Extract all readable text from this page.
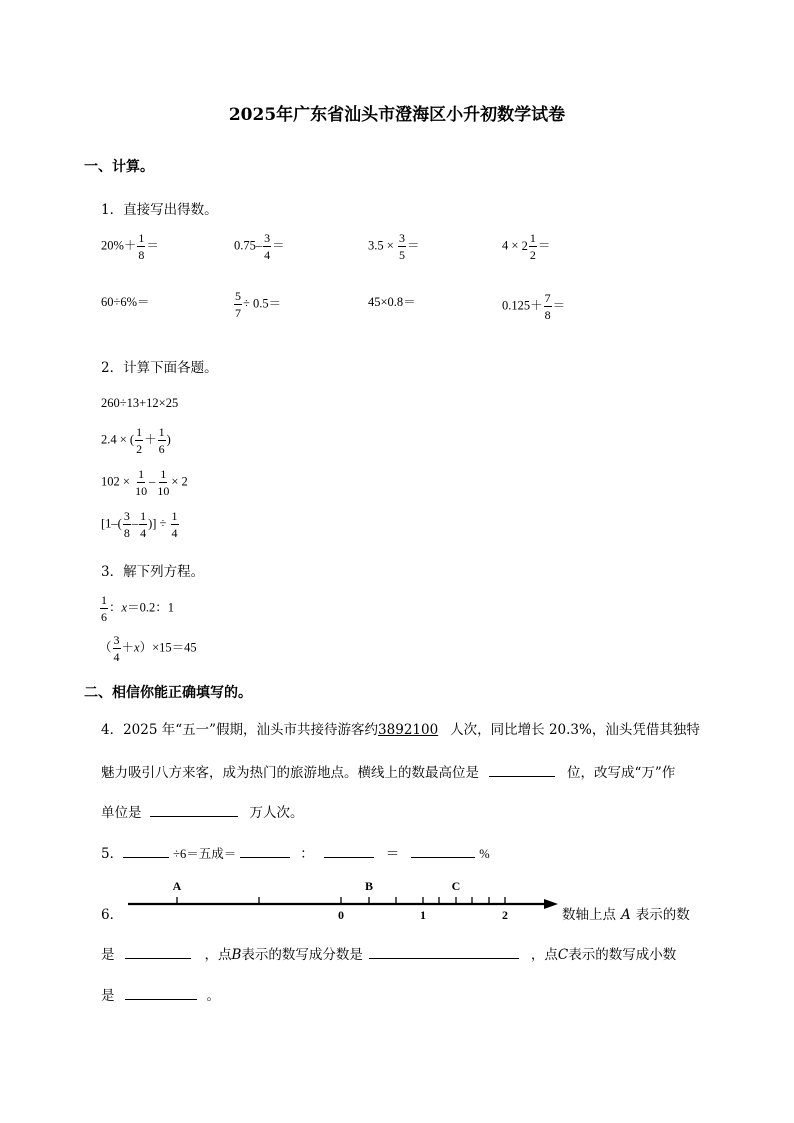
2025年广东省汕头市澄海区小升初数学试卷
一、计算。
1．直接写出得数。
$20\%+ \frac{1}{8}$ ＝	$0.75- \frac{3}{4}$ ＝	$3.5 \times \frac{3}{5}$ ＝	$4 \times 2 \frac{1}{2}$ ＝
60÷6%＝	$\frac{5}{7} \div 0.5=$	45×0.8＝	$0.125+ \frac{7}{8}$ ＝
2．计算下面各题。
260÷13+12×25
2.4 × ( $\frac{1}{2} + \frac{1}{6}$ )
$102 \times \frac{1}{10} - \frac{1}{10} \times 2$
[$1-( \frac{3}{8} - \frac{1}{4}$ )] ÷ $\frac{1}{4}$
3．解下列方程。
$\frac{1}{6}$ ：x＝0.2：1
（ $\frac{3}{4} +x)\times 15=45$
二、相信你能正确填写的。
4．2025 年“五一”假期，汕头市共接待游客约3892100 人次，同比增长 20.3%，汕头凭借其独特
魅力吸引八方来客，成为热门的旅游地点。横线上的数最高位是	位，改写成“万”作
单位是	万人次。
5．	÷6＝五成＝	：	＝	%
A	B	C
0	1	2
6．	数轴上点 A 表示的数
是	，点B表示的数写成分数是	，点C表示的数写成小数
是	。
